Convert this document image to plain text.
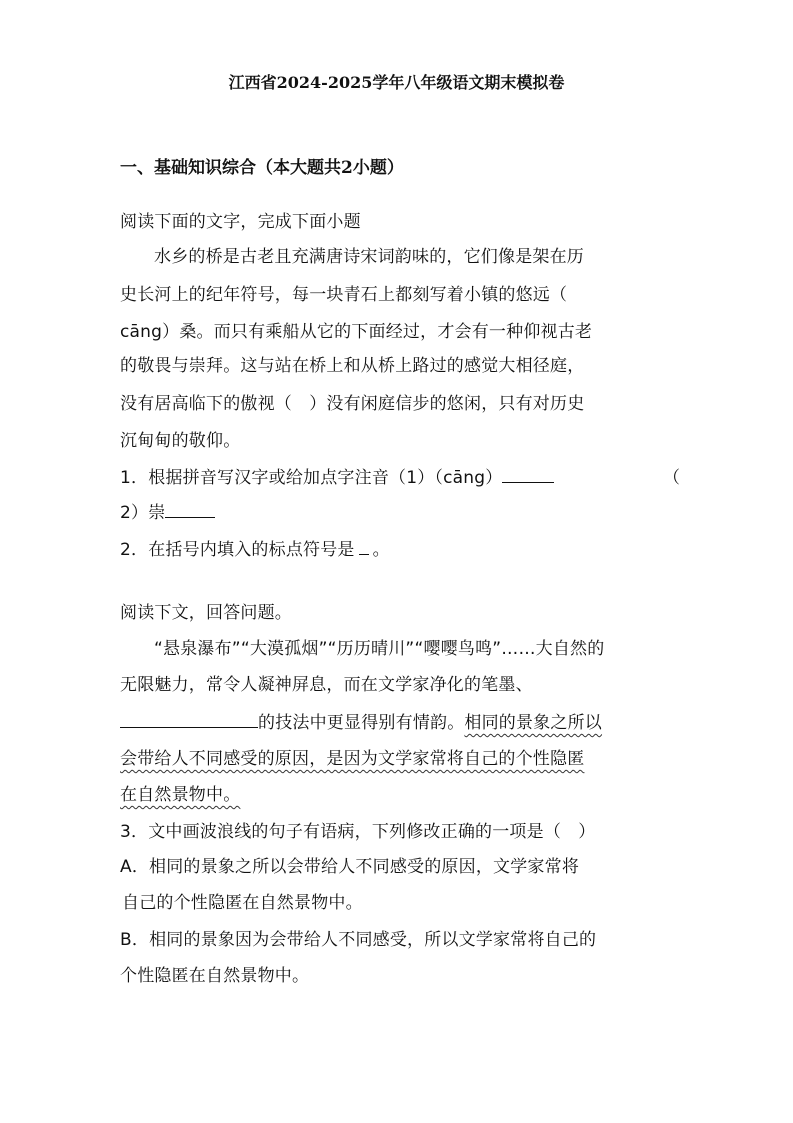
江西省2024-2025学年八年级语文期末模拟卷
一、基础知识综合（本大题共2小题）
阅读下面的文字，完成下面小题
水乡的桥是古老且充满唐诗宋词韵味的，它们像是架在历
史长河上的纪年符号，每一块青石上都刻写着小镇的悠远（
cāng）桑。而只有乘船从它的下面经过，才会有一种仰视古老
的敬畏与崇拜。这与站在桥上和从桥上路过的感觉大相径庭，
没有居高临下的傲视（　）没有闲庭信步的悠闲，只有对历史
沉甸甸的敬仰。
1．根据拼音写汉字或给加点字注音（1）（cāng）	（
2）崇
2．在括号内填入的标点符号是 。
阅读下文，回答问题。
“悬泉瀑布”“大漠孤烟”“历历晴川”“嘤嘤鸟鸣”……大自然的
无限魅力，常令人凝神屏息，而在文学家净化的笔墨、
的技法中更显得别有情韵。相同的景象之所以
会带给人不同感受的原因，是因为文学家常将自己的个性隐匿
在自然景物中。
3．文中画波浪线的句子有语病，下列修改正确的一项是（　）
A．相同的景象之所以会带给人不同感受的原因，文学家常将
自己的个性隐匿在自然景物中。
B．相同的景象因为会带给人不同感受，所以文学家常将自己的
个性隐匿在自然景物中。
